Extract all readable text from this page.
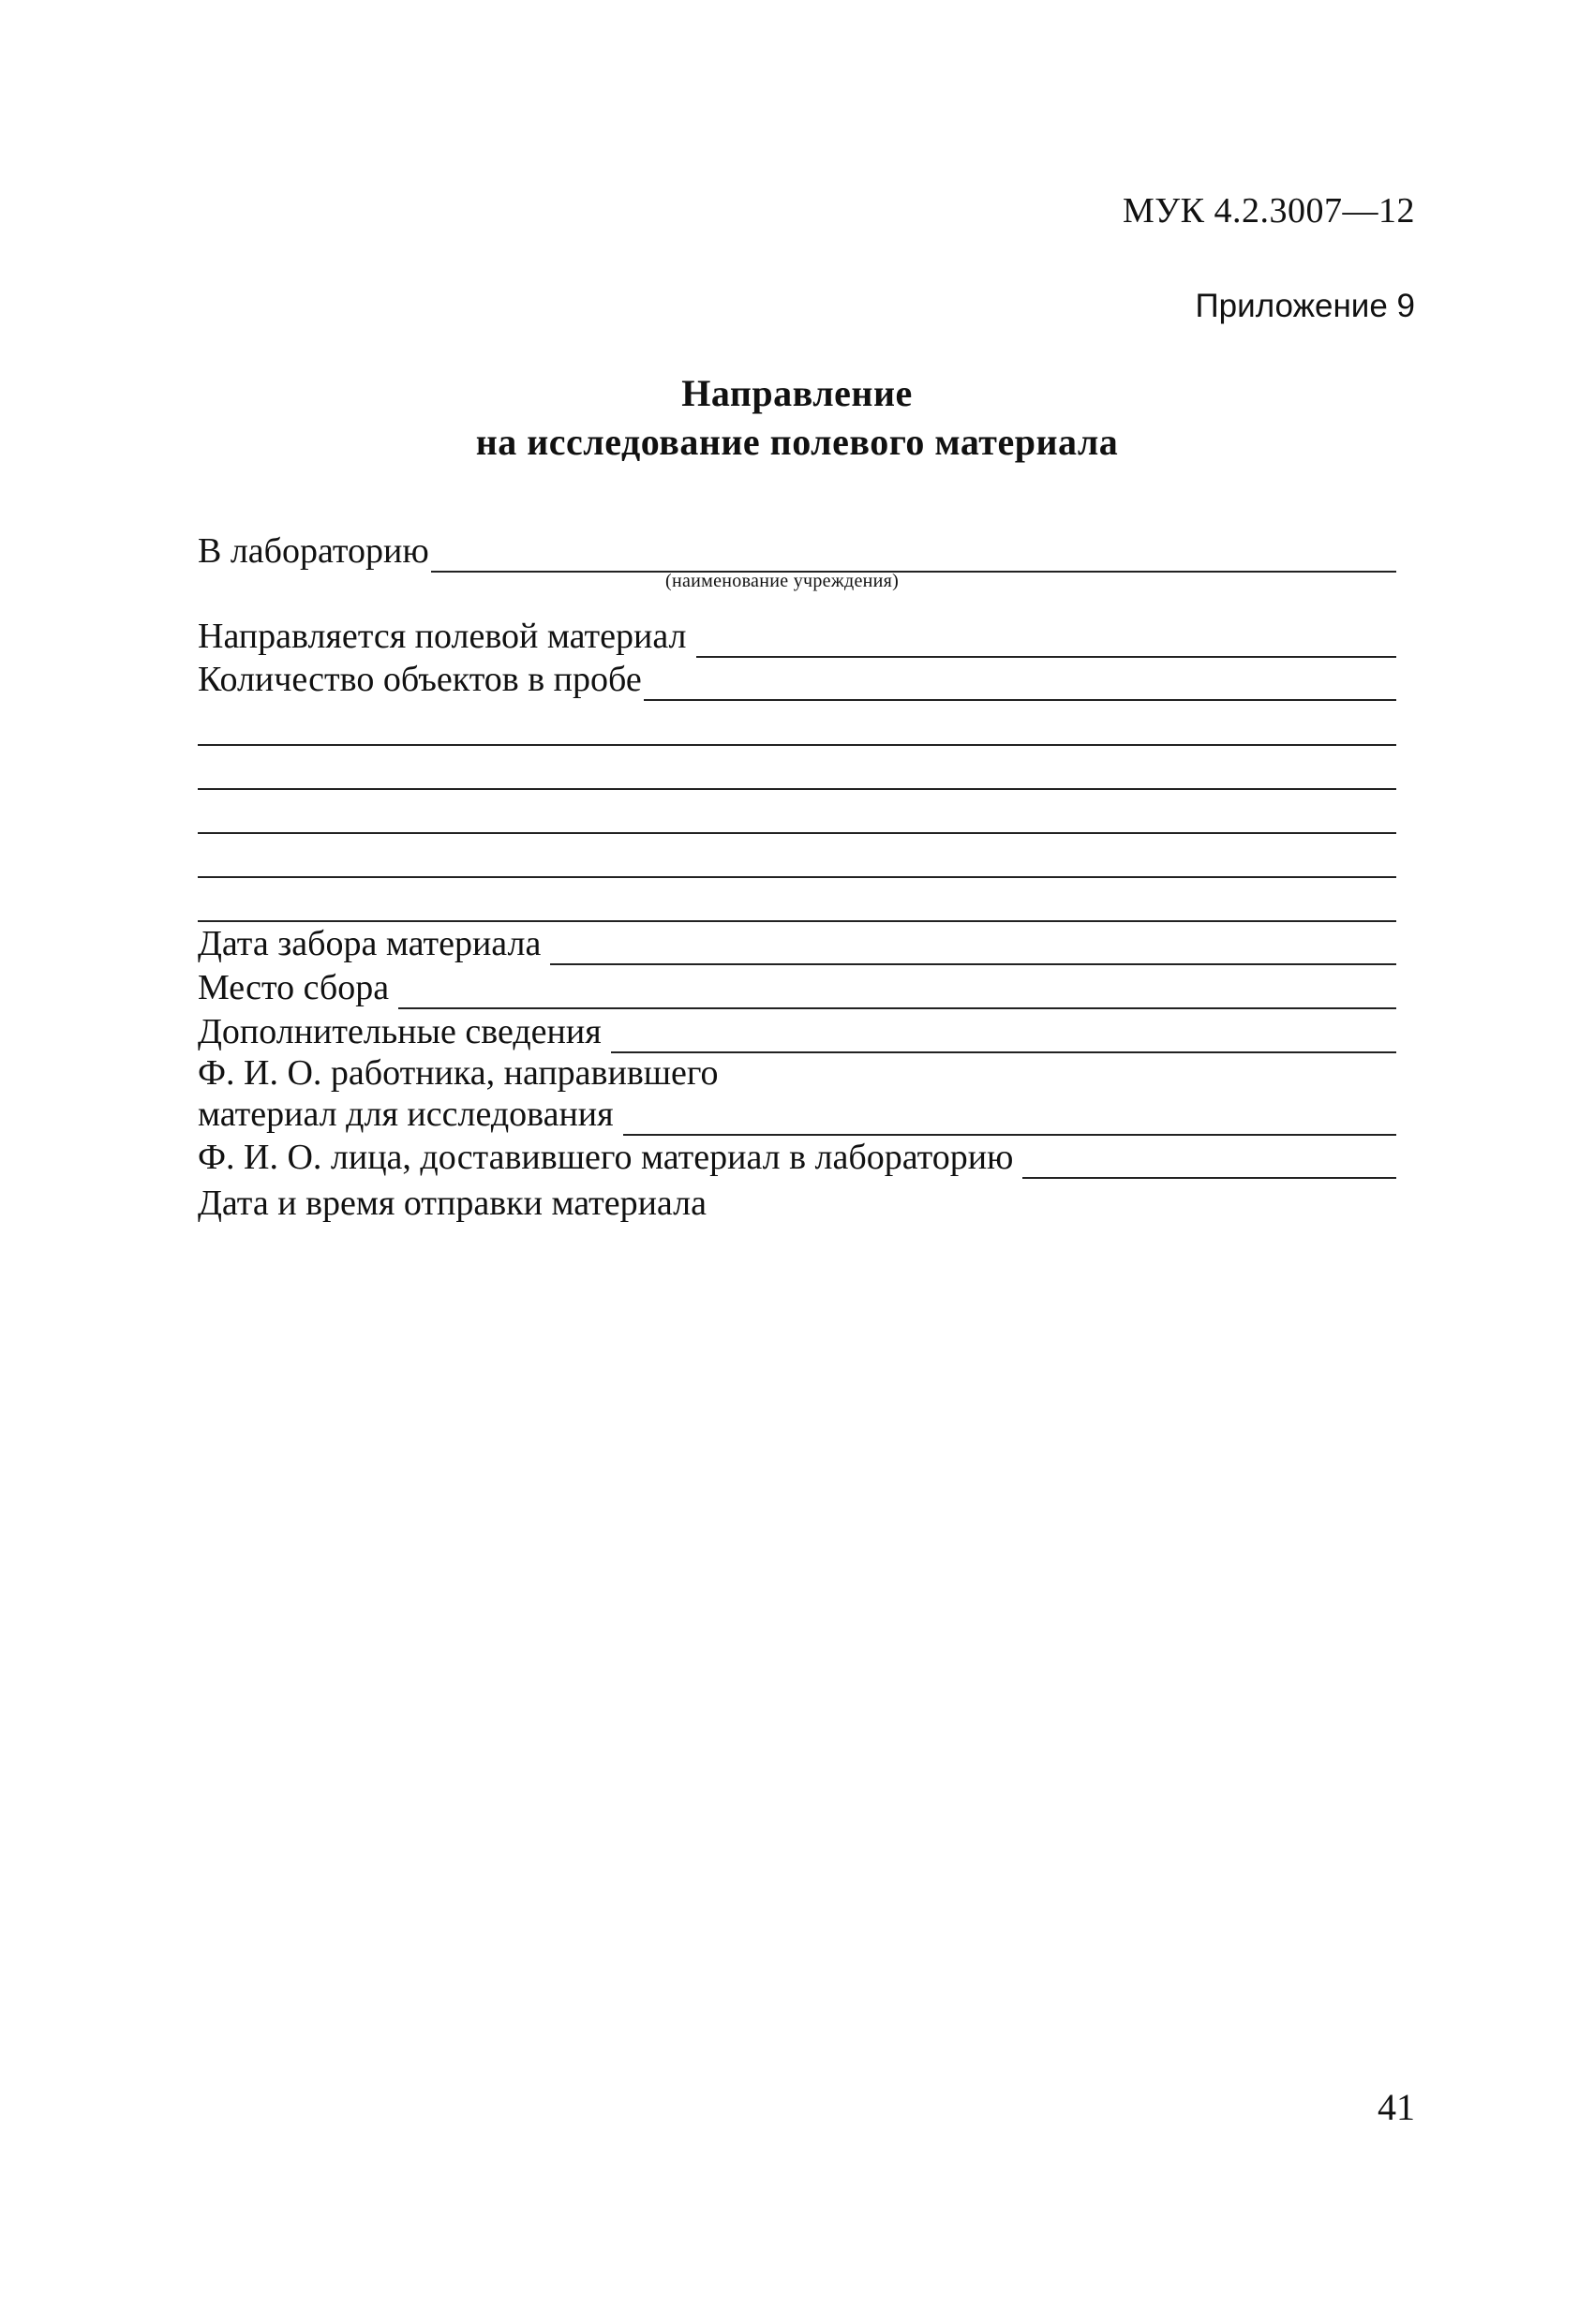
МУК 4.2.3007—12
Приложение 9
Направление
на исследование полевого материала
В лабораторию
(наименование учреждения)
Направляется полевой материал
Количество объектов в пробе
Дата забора материала
Место сбора
Дополнительные сведения
Ф. И. О. работника, направившего
материал для исследования
Ф. И. О. лица, доставившего материал в лабораторию
Дата и время отправки материала
41
